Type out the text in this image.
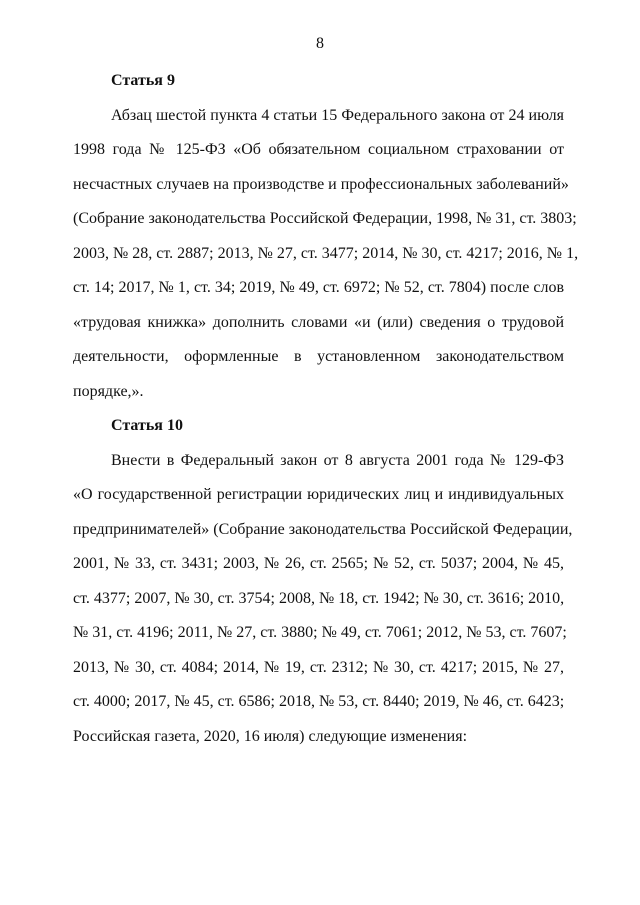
8
Статья 9
Абзац шестой пункта 4 статьи 15 Федерального закона от 24 июля
1998 года № 125-ФЗ «Об обязательном социальном страховании от
несчастных случаев на производстве и профессиональных заболеваний»
(Собрание законодательства Российской Федерации, 1998, № 31, ст. 3803;
2003, № 28, ст. 2887; 2013, № 27, ст. 3477; 2014, № 30, ст. 4217; 2016, № 1,
ст. 14; 2017, № 1, ст. 34; 2019, № 49, ст. 6972; № 52, ст. 7804) после слов
«трудовая книжка» дополнить словами «и (или) сведения о трудовой
деятельности, оформленные в установленном законодательством
порядке,».
Статья 10
Внести в Федеральный закон от 8 августа 2001 года № 129-ФЗ
«О государственной регистрации юридических лиц и индивидуальных
предпринимателей» (Собрание законодательства Российской Федерации,
2001, № 33, ст. 3431; 2003, № 26, ст. 2565; № 52, ст. 5037; 2004, № 45,
ст. 4377; 2007, № 30, ст. 3754; 2008, № 18, ст. 1942; № 30, ст. 3616; 2010,
№ 31, ст. 4196; 2011, № 27, ст. 3880; № 49, ст. 7061; 2012, № 53, ст. 7607;
2013, № 30, ст. 4084; 2014, № 19, ст. 2312; № 30, ст. 4217; 2015, № 27,
ст. 4000; 2017, № 45, ст. 6586; 2018, № 53, ст. 8440; 2019, № 46, ст. 6423;
Российская газета, 2020, 16 июля) следующие изменения:
